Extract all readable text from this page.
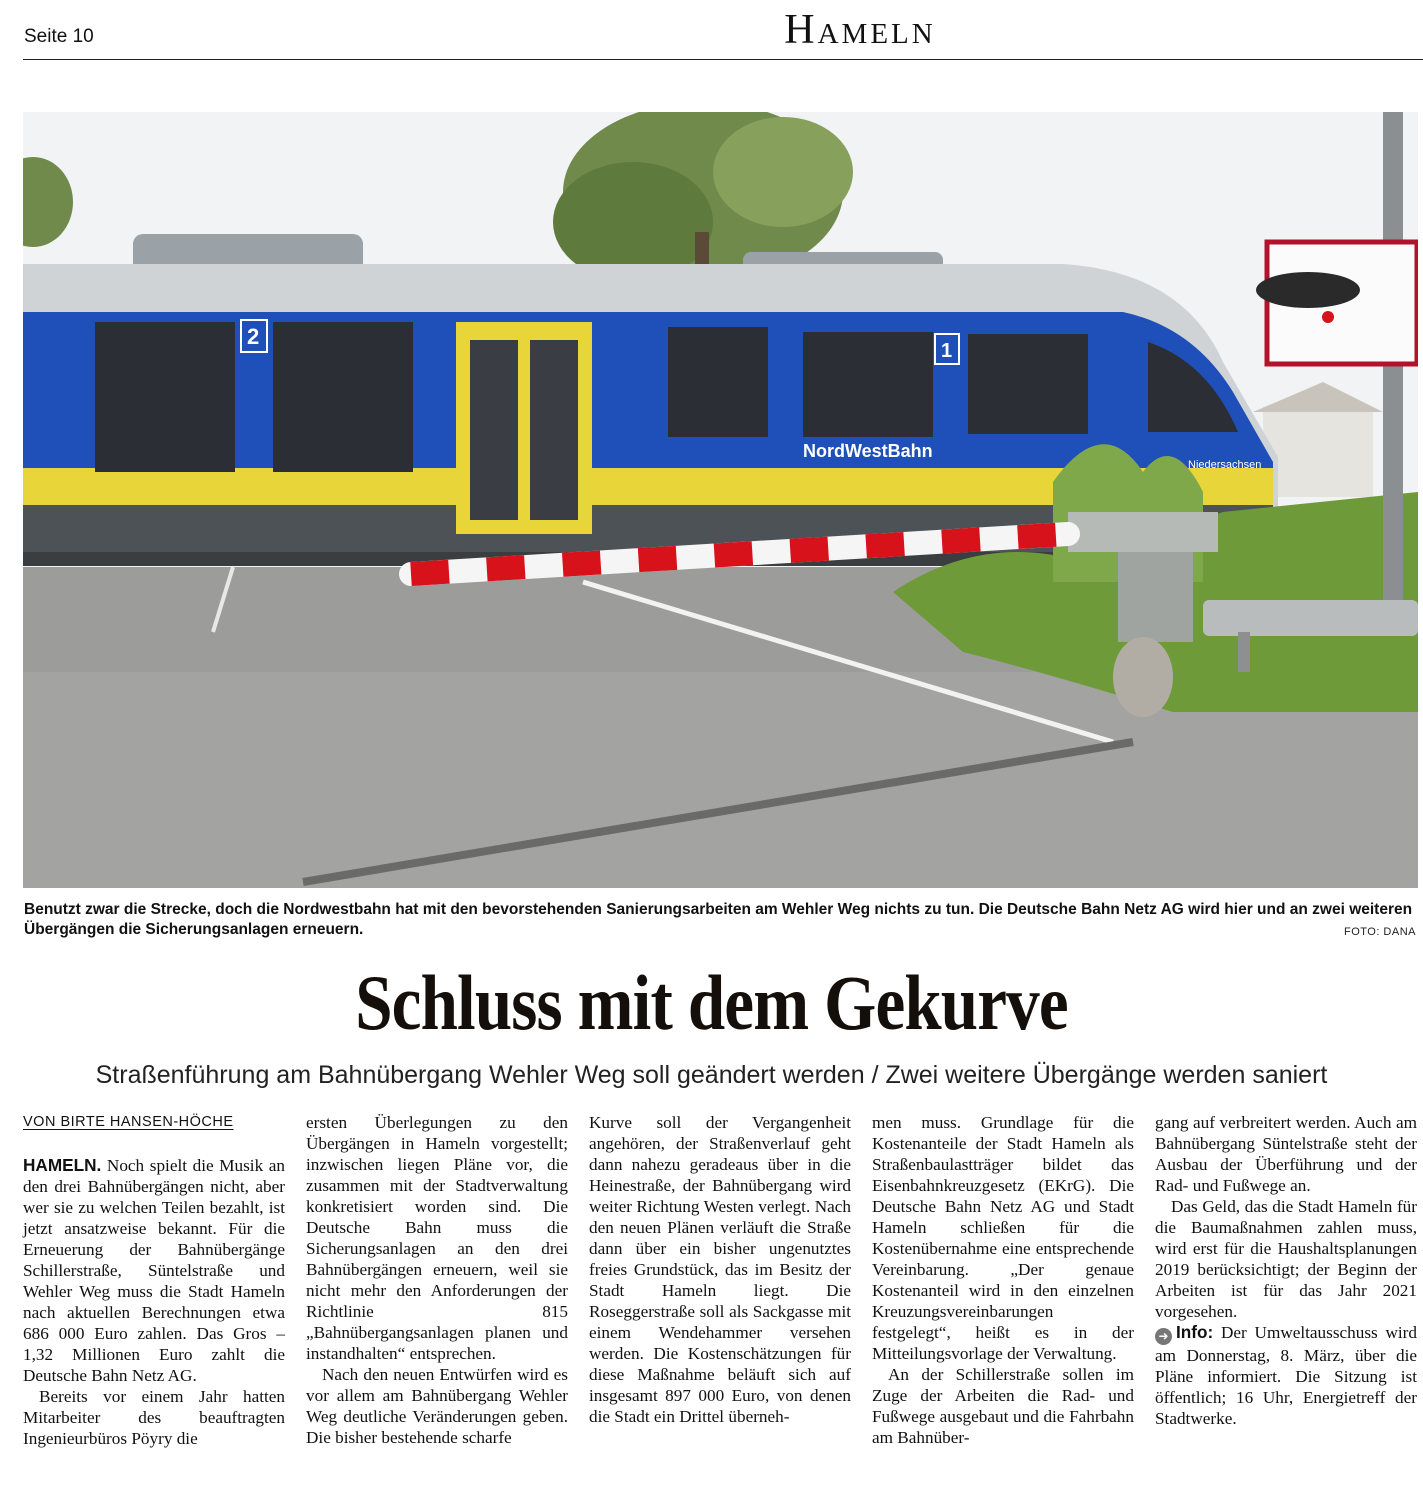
Seite 10	Hameln
2
1
NordWestBahn
Niedersachsen
Benutzt zwar die Strecke, doch die Nordwestbahn hat mit den bevorstehenden Sanierungsarbeiten am Wehler Weg nichts zu tun. Die Deutsche Bahn Netz AG wird hier und an zwei weiteren Übergängen die Sicherungsanlagen erneuern.	FOTO: DANA
Schluss mit dem Gekurve
Straßenführung am Bahnübergang Wehler Weg soll geändert werden / Zwei weitere Übergänge werden saniert
VON BIRTE HANSEN-HÖCHE

HAMELN. Noch spielt die Musik an den drei Bahnübergängen nicht, aber wer sie zu welchen Teilen bezahlt, ist jetzt ansatzweise bekannt. Für die Erneuerung der Bahnübergänge Schillerstraße, Süntelstraße und Wehler Weg muss die Stadt Hameln nach aktuellen Berechnungen etwa 686 000 Euro zahlen. Das Gros – 1,32 Millionen Euro zahlt die Deutsche Bahn Netz AG.

Bereits vor einem Jahr hatten Mitarbeiter des beauftragten Ingenieurbüros Pöyry die

ersten Überlegungen zu den Übergängen in Hameln vorgestellt; inzwischen liegen Pläne vor, die zusammen mit der Stadtverwaltung konkretisiert worden sind. Die Deutsche Bahn muss die Sicherungsanlagen an den drei Bahnübergängen erneuern, weil sie nicht mehr den Anforderungen der Richtlinie 815 „Bahnübergangsanlagen planen und instandhalten“ entsprechen.

Nach den neuen Entwürfen wird es vor allem am Bahnübergang Wehler Weg deutliche Veränderungen geben. Die bisher bestehende scharfe

Kurve soll der Vergangenheit angehören, der Straßenverlauf geht dann nahezu geradeaus über in die Heinestraße, der Bahnübergang wird weiter Richtung Westen verlegt. Nach den neuen Plänen verläuft die Straße dann über ein bisher ungenutztes freies Grundstück, das im Besitz der Stadt Hameln liegt. Die Roseggerstraße soll als Sackgasse mit einem Wendehammer versehen werden. Die Kostenschätzungen für diese Maßnahme beläuft sich auf insgesamt 897 000 Euro, von denen die Stadt ein Drittel überneh-

men muss. Grundlage für die Kostenanteile der Stadt Hameln als Straßenbaulastträger bildet das Eisenbahnkreuzgesetz (EKrG). Die Deutsche Bahn Netz AG und Stadt Hameln schließen für die Kostenübernahme eine entsprechende Vereinbarung. „Der genaue Kostenanteil wird in den einzelnen Kreuzungsvereinbarungen festgelegt“, heißt es in der Mitteilungsvorlage der Verwaltung.

An der Schillerstraße sollen im Zuge der Arbeiten die Rad- und Fußwege ausgebaut und die Fahrbahn am Bahnüber-

gang auf verbreitert werden. Auch am Bahnübergang Süntelstraße steht der Ausbau der Überführung und der Rad- und Fußwege an.

Das Geld, das die Stadt Hameln für die Baumaßnahmen zahlen muss, wird erst für die Haushaltsplanungen 2019 berücksichtigt; der Beginn der Arbeiten ist für das Jahr 2021 vorgesehen.

➜ Info: Der Umweltausschuss wird am Donnerstag, 8. März, über die Pläne informiert. Die Sitzung ist öffentlich; 16 Uhr, Energietreff der Stadtwerke.
